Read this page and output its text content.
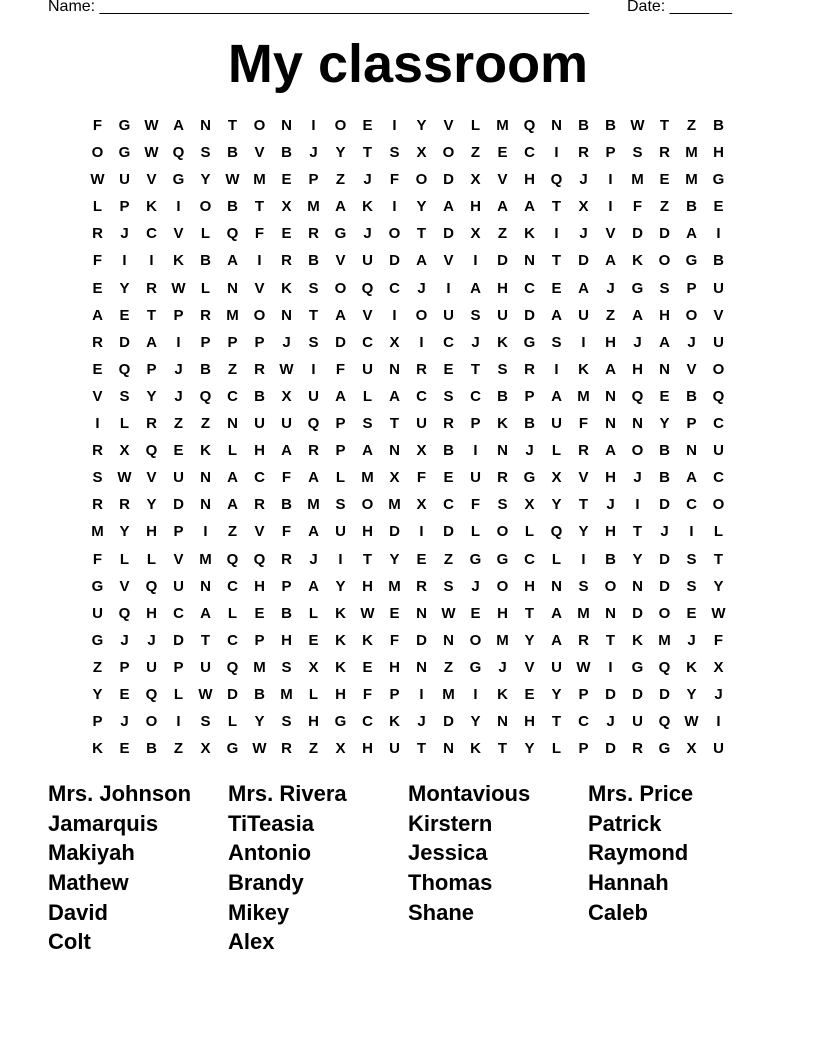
Name: _______________________________________________________ Date: _______
My classroom
F	G W A	N	T	O	N	I	O	E	I	Y	V	L	M Q	N	B	B W	T	Z	B
O	G W Q	S	B	V	B	J	Y	T	S	X	O	Z	E	C	I	R	P	S	R	M	H
W U	V	G	Y W M	E	P	Z	J	F	O	D	X	V	H	Q	J	I	M	E	M G
L	P	K	I	O	B	T	X	M	A	K	I	Y	A	H	A	A	T	X	I	F	Z	B	E
R	J	C	V	L	Q	F	E	R	G	J	O	T	D	X	Z	K	I	J	V	D	D	A	I
F	I	I	K	B	A	I	R	B	V	U	D	A	V	I	D	N	T	D	A	K	O	G	B
E	Y	R W	L	N	V	K	S	O	Q	C	J	I	A	H	C	E	A	J	G	S	P	U
A	E	T	P	R	M O	N	T	A	V	I	O	U	S	U	D	A	U	Z	A	H	O	V
R	D	A	I	P	P	P	J	S	D	C	X	I	C	J	K	G	S	I	H	J	A	J	U
E	Q	P	J	B	Z	R W	I	F	U	N	R	E	T	S	R	I	K	A	H	N	V	O
V	S	Y	J	Q	C	B	X	U	A	L	A	C	S	C	B	P	A	M	N	Q	E	B	Q
I	L	R	Z	Z	N	U	U	Q	P	S	T	U	R	P	K	B	U	F	N	N	Y	P	C
R	X	Q	E	K	L	H	A	R	P	A	N	X	B	I	N	J	L	R	A	O	B	N	U
S W V	U	N	A	C	F	A	L	M	X	F	E	U	R	G	X	V	H	J	B	A	C
R	R	Y	D	N	A	R	B	M	S	O M	X	C	F	S	X	Y	T	J	I	D	C	O
M	Y	H	P	I	Z	V	F	A	U	H	D	I	D	L	O	L	Q	Y	H	T	J	I	L
F	L	L	V	M Q	Q	R	J	I	T	Y	E	Z	G	G	C	L	I	B	Y	D	S	T
G	V	Q	U	N	C	H	P	A	Y	H	M	R	S	J	O	H	N	S	O	N	D	S	Y
U	Q	H	C	A	L	E	B	L	K W E	N W E	H	T	A	M	N	D	O	E W
G	J	J	D	T	C	P	H	E	K	K	F	D	N	O M	Y	A	R	T	K	M	J	F
Z	P	U	P	U	Q M	S	X	K	E	H	N	Z	G	J	V	U W	I	G	Q	K	X
Y	E	Q	L	W D	B	M	L	H	F	P	I	M	I	K	E	Y	P	D	D	D	Y	J
P	J	O	I	S	L	Y	S	H	G	C	K	J	D	Y	N	H	T	C	J	U	Q W	I
K	E	B	Z	X	G W R	Z	X	H	U	T	N	K	T	Y	L	P	D	R	G	X	U
Mrs. Johnson	Mrs. Rivera	Montavious	Mrs. Price
Jamarquis	TiTeasia	Kirstern	Patrick
Makiyah	Antonio	Jessica	Raymond
Mathew	Brandy	Thomas	Hannah
David	Mikey	Shane	Caleb
Colt	Alex
